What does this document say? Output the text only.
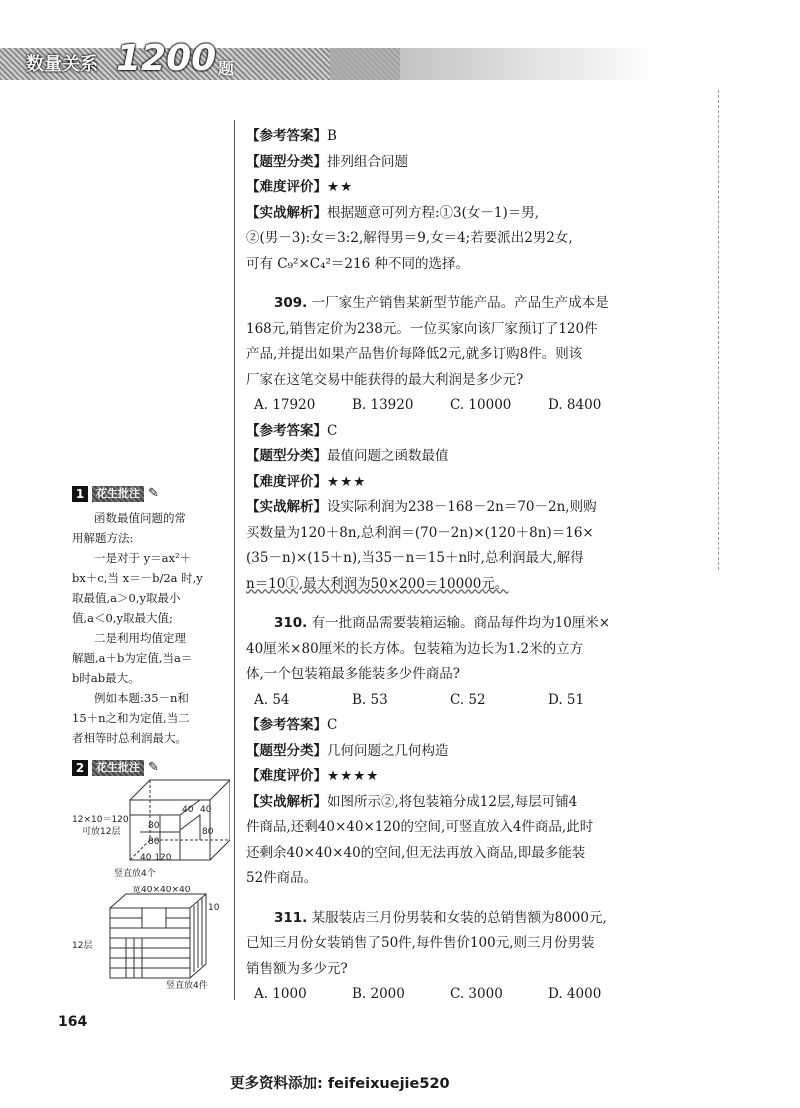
数量关系 1200 题
【参考答案】B
【题型分类】排列组合问题
【难度评价】★★
【实战解析】根据题意可列方程:①3(女－1)＝男,
②(男－3):女＝3:2,解得男＝9,女＝4;若要派出2男2女,
可有 C₉²×C₄²＝216 种不同的选择。
309. 一厂家生产销售某新型节能产品。产品生产成本是
168元,销售定价为238元。一位买家向该厂家预订了120件
产品,并提出如果产品售价每降低2元,就多订购8件。则该
厂家在这笔交易中能获得的最大利润是多少元?
A. 17920	B. 13920	C. 10000	D. 8400
【参考答案】C
【题型分类】最值问题之函数最值
【难度评价】★★★
【实战解析】设实际利润为238－168－2n＝70－2n,则购
买数量为120＋8n,总利润＝(70－2n)×(120＋8n)＝16×
(35－n)×(15＋n),当35－n＝15＋n时,总利润最大,解得
n＝10①,最大利润为50×200＝10000元。
310. 有一批商品需要装箱运输。商品每件均为10厘米×
40厘米×80厘米的长方体。包装箱为边长为1.2米的立方
体,一个包装箱最多能装多少件商品?
A. 54	B. 53	C. 52	D. 51
【参考答案】C
【题型分类】几何问题之几何构造
【难度评价】★★★★
【实战解析】如图所示②,将包装箱分成12层,每层可铺4
件商品,还剩40×40×120的空间,可竖直放入4件商品,此时
还剩余40×40×40的空间,但无法再放入商品,即最多能装
52件商品。
311. 某服装店三月份男装和女装的总销售额为8000元,
已知三月份女装销售了50件,每件售价100元,则三月份男装
销售额为多少元?
A. 1000	B. 2000	C. 3000	D. 4000
1	花生批注 ✎
函数最值问题的常
用解题方法:
一是对于 y＝ax²＋
bx＋c,当 x＝－b/2a 时,y
取最值,a＞0,y取最小
值,a＜0,y取最大值;
二是利用均值定理
解题,a＋b为定值,当a＝
b时ab最大。
例如本题:35－n和
15＋n之和为定值,当二
者相等时总利润最大。
2	花生批注 ✎
40 40
80
80
80
40 120
12×10＝120
可放12层
竖直放4个
宽40×40×40
10
12层
竖直放4件
164
更多资料添加: feifeixuejie520
